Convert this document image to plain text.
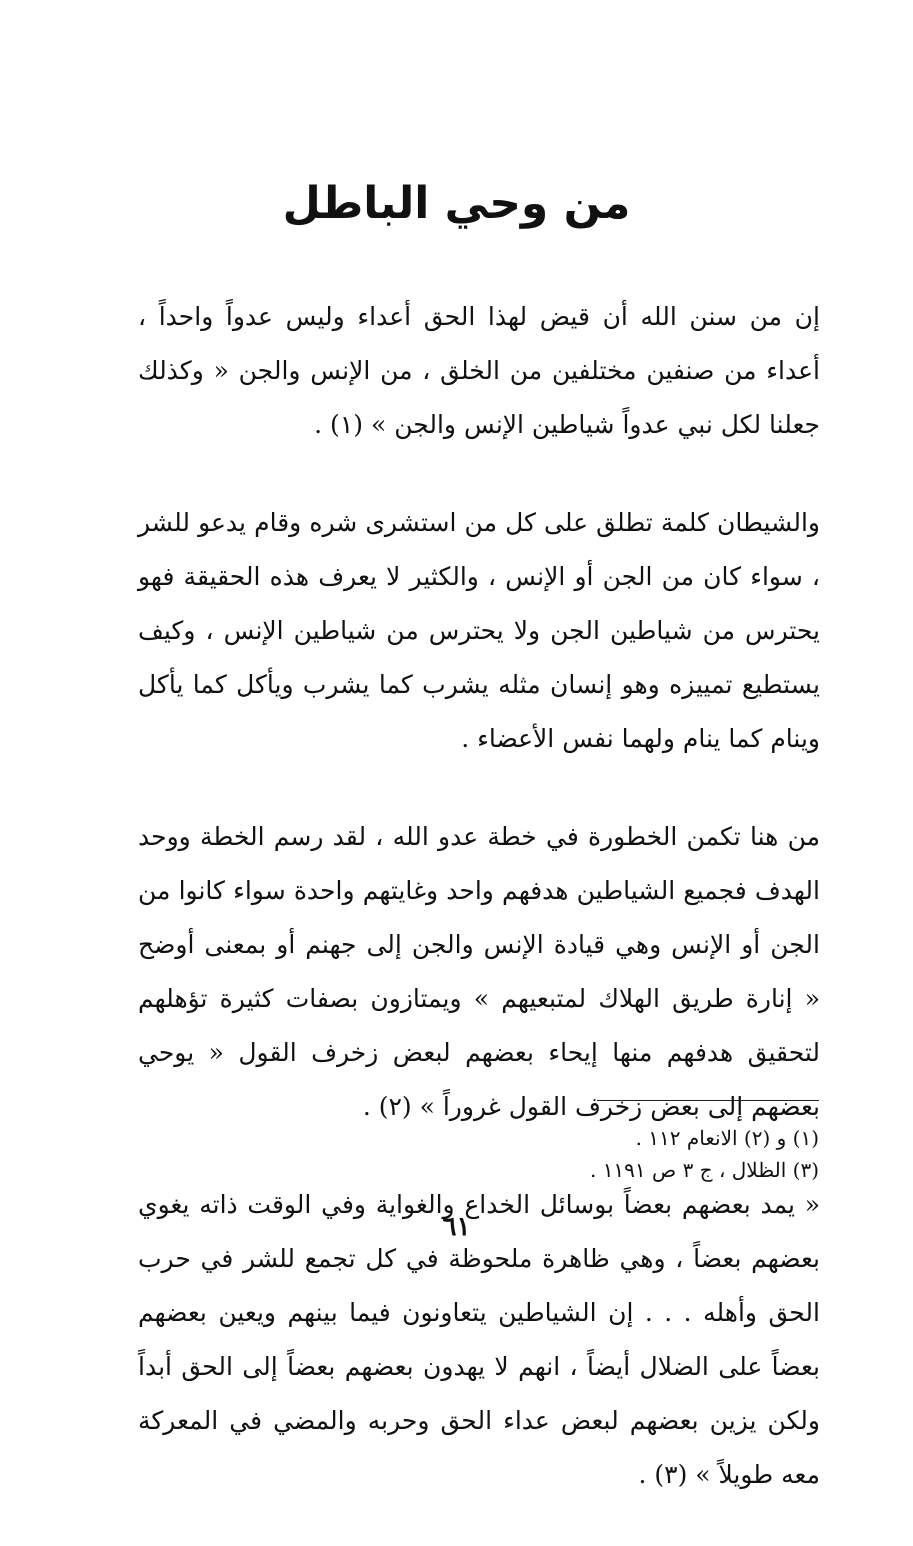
من وحي الباطل

إن من سنن الله أن قيض لهذا الحق أعداء وليس عدواً واحداً ، أعداء من صنفين مختلفين من الخلق ، من الإنس والجن « وكذلك جعلنا لكل نبي عدواً شياطين الإنس والجن » (١) .

والشيطان كلمة تطلق على كل من استشرى شره وقام يدعو للشر ، سواء كان من الجن أو الإنس ، والكثير لا يعرف هذه الحقيقة فهو يحترس من شياطين الجن ولا يحترس من شياطين الإنس ، وكيف يستطيع تمييزه وهو إنسان مثله يشرب كما يشرب ويأكل كما يأكل وينام كما ينام ولهما نفس الأعضاء .

من هنا تكمن الخطورة في خطة عدو الله ، لقد رسم الخطة ووحد الهدف فجميع الشياطين هدفهم واحد وغايتهم واحدة سواء كانوا من الجن أو الإنس وهي قيادة الإنس والجن إلى جهنم أو بمعنى أوضح « إنارة طريق الهلاك لمتبعيهم » ويمتازون بصفات كثيرة تؤهلهم لتحقيق هدفهم منها إيحاء بعضهم لبعض زخرف القول « يوحي بعضهم إلى بعض زخرف القول غروراً » (٢) .

« يمد بعضهم بعضاً بوسائل الخداع والغواية وفي الوقت ذاته يغوي بعضهم بعضاً ، وهي ظاهرة ملحوظة في كل تجمع للشر في حرب الحق وأهله . . . إن الشياطين يتعاونون فيما بينهم ويعين بعضهم بعضاً على الضلال أيضاً ، انهم لا يهدون بعضهم بعضاً إلى الحق أبداً ولكن يزين بعضهم لبعض عداء الحق وحربه والمضي في المعركة معه طويلاً » (٣) .

(١) و (٢) الانعام ١١٢ .
(٣) الظلال ، ج ٣ ص ١١٩١ .
٦١
